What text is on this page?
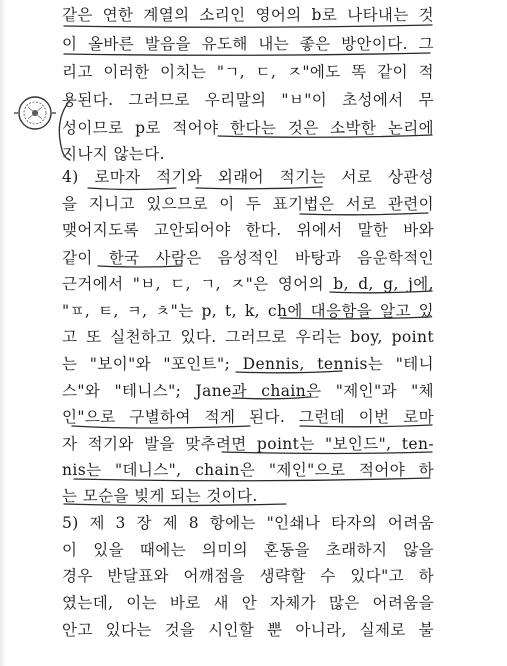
같은 연한 계열의 소리인 영어의 b로 나타내는 것
이 올바른 발음을 유도해 내는 좋은 방안이다. 그
리고 이러한 이치는 "ㄱ, ㄷ, ㅈ"에도 똑 같이 적
용된다. 그러므로 우리말의 "ㅂ"이 초성에서 무
성이므로 p로 적어야 한다는 것은 소박한 논리에
지나지 않는다.
4) 로마자 적기와 외래어 적기는 서로 상관성
을 지니고 있으므로 이 두 표기법은 서로 관련이
맺어지도록 고안되어야 한다. 위에서 말한 바와
같이 한국 사람은 음성적인 바탕과 음운학적인
근거에서 "ㅂ, ㄷ, ㄱ, ㅈ"은 영어의 b, d, g, j에,
"ㅍ, ㅌ, ㅋ, ㅊ"는 p, t, k, ch에 대응함을 알고 있
고 또 실천하고 있다. 그러므로 우리는 boy, point
는 "보이"와 "포인트"; Dennis, tennis는 "테니
스"와 "테니스"; Jane과 chain은 "제인"과 "체
인"으로 구별하여 적게 된다. 그런데 이번 로마
자 적기와 발을 맞추려면 point는 "보인드", ten-
nis는 "데니스", chain은 "제인"으로 적어야 하
는 모순을 빚게 되는 것이다.
5) 제 3 장 제 8 항에는 "인쇄나 타자의 어려움
이 있을 때에는 의미의 혼동을 초래하지 않을
경우 반달표와 어깨점을 생략할 수 있다"고 하
였는데, 이는 바로 새 안 자체가 많은 어려움을
안고 있다는 것을 시인할 뿐 아니라, 실제로 불
